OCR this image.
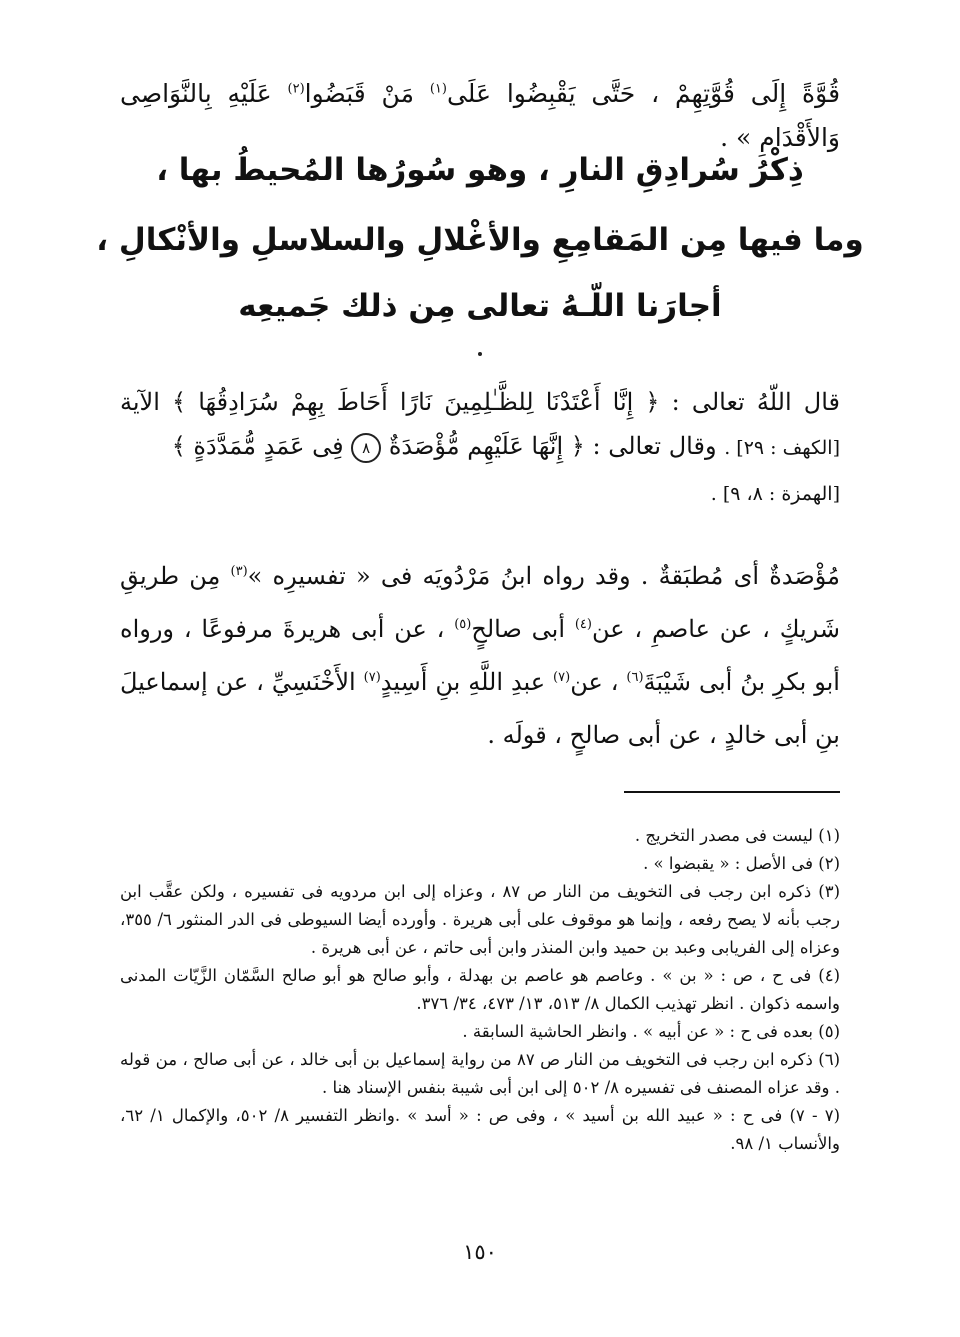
قُوَّةً إِلَى قُوَّتِهِمْ ، حَتَّى يَقْبِضُوا عَلَى$^{(١)}$ مَنْ قَبَضُوا$^{(٢)}$ عَلَيْهِ بِالنَّوَاصِى وَالأَقْدَامِ » .
ذِكْرُ سُرادِقِ النارِ ، وهو سُورُها المُحيطُ بها ،
وما فيها مِن المَقامِعِ والأغْلالِ والسلاسلِ والأنْكالِ ،
أجارَنا اللّـهُ تعالى مِن ذلك جَميعِه
قال اللّهُ تعالى : ﴿ إِنَّا أَعْتَدْنَا لِلظَّـٰلِمِينَ نَارًا أَحَاطَ بِهِمْ سُرَادِقُهَا ﴾ الآية [الكهف : ٢٩] . وقال تعالى : ﴿ إِنَّهَا عَلَيْهِم مُّؤْصَدَةٌ ٨ فِى عَمَدٍ مُّمَدَّدَةٍ ﴾
[الهمزة : ٨، ٩] .
مُؤْصَدةٌ أى مُطبَقةٌ . وقد رواه ابنُ مَرْدُويَه فى « تفسيرِه »$^{(٣)}$ مِن طريقِ شَريكٍ ، عن عاصمِ ، عن$^{(٤)}$ أبى صالحٍ$^{(٥)}$ ، عن أبى هريرةَ مرفوعًا ، ورواه أبو بكرِ بنُ أبى شَيْبَةَ$^{(٦)}$ ، عن$^{(٧)}$ عبدِ اللَّهِ بنِ أَسِيدٍ$^{(٧)}$ الأَخْنَسِيِّ ، عن إسماعيلَ بنِ أبى خالدٍ ، عن أبى صالحٍ ، قولَه .

(١) ليست فى مصدر التخريج .

(٢) فى الأصل : « يقبضوا » .

(٣) ذكره ابن رجب فى التخويف من النار ص ٨٧ ، وعزاه إلى ابن مردويه فى تفسيره ، ولكن عقَّب ابن رجب بأنه لا يصح رفعه ، وإنما هو موقوف على أبى هريرة . وأورده أيضا السيوطى فى الدر المنثور ٦/ ٣٥٥، وعزاه إلى الفريابى وعبد بن حميد وابن المنذر وابن أبى حاتم ، عن أبى هريرة .

(٤) فى ح ، ص : « بن » . وعاصم هو عاصم بن بهدلة ، وأبو صالح هو أبو صالح السَّمّان الزَّيّات المدنى واسمه ذكوان . انظر تهذيب الكمال ٨/ ٥١٣، ١٣/ ٤٧٣، ٣٤/ ٣٧٦.

(٥) بعده فى ح : « عن أبيه » . وانظر الحاشية السابقة .

(٦) ذكره ابن رجب فى التخويف من النار ص ٨٧ من رواية إسماعيل بن أبى خالد ، عن أبى صالح ، من قوله . وقد عزاه المصنف فى تفسيره ٨/ ٥٠٢ إلى ابن أبى شيبة بنفس الإسناد هنا .

(٧ - ٧) فى ح : « عبيد الله بن أسيد » ، وفى ص : « أسد » .وانظر التفسير ٨/ ٥٠٢، والإكمال ١/ ٦٢، والأنساب ١/ ٩٨.

١٥٠
